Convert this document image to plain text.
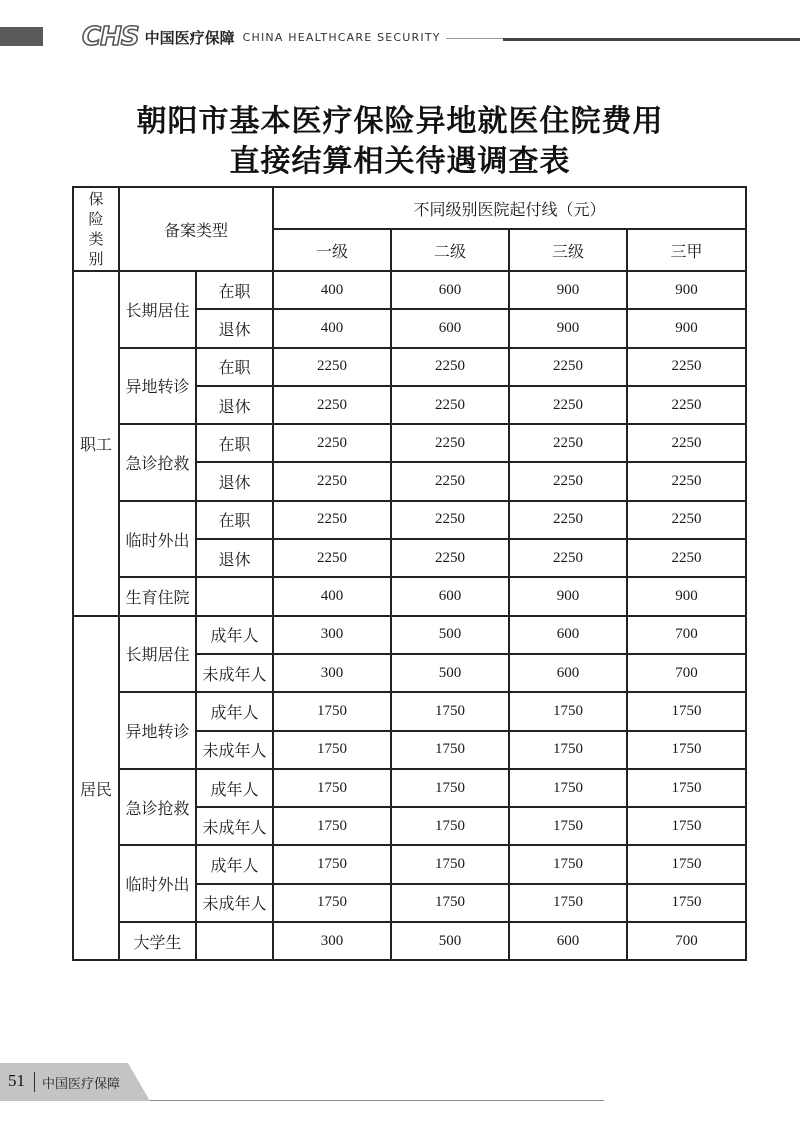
CHS 中国医疗保障 CHINA HEALTHCARE SECURITY
朝阳市基本医疗保险异地就医住院费用
直接结算相关待遇调查表
保险类别	备案类型		不同级别医院起付线（元）			
			一级	二级	三级	三甲
职工	长期居住	在职	400	600	900	900
		退休	400	600	900	900
	异地转诊	在职	2250	2250	2250	2250
		退休	2250	2250	2250	2250
	急诊抢救	在职	2250	2250	2250	2250
		退休	2250	2250	2250	2250
	临时外出	在职	2250	2250	2250	2250
		退休	2250	2250	2250	2250
	生育住院		400	600	900	900
居民	长期居住	成年人	300	500	600	700
		未成年人	300	500	600	700
	异地转诊	成年人	1750	1750	1750	1750
		未成年人	1750	1750	1750	1750
	急诊抢救	成年人	1750	1750	1750	1750
		未成年人	1750	1750	1750	1750
	临时外出	成年人	1750	1750	1750	1750
		未成年人	1750	1750	1750	1750
	大学生		300	500	600	700
51 中国医疗保障
